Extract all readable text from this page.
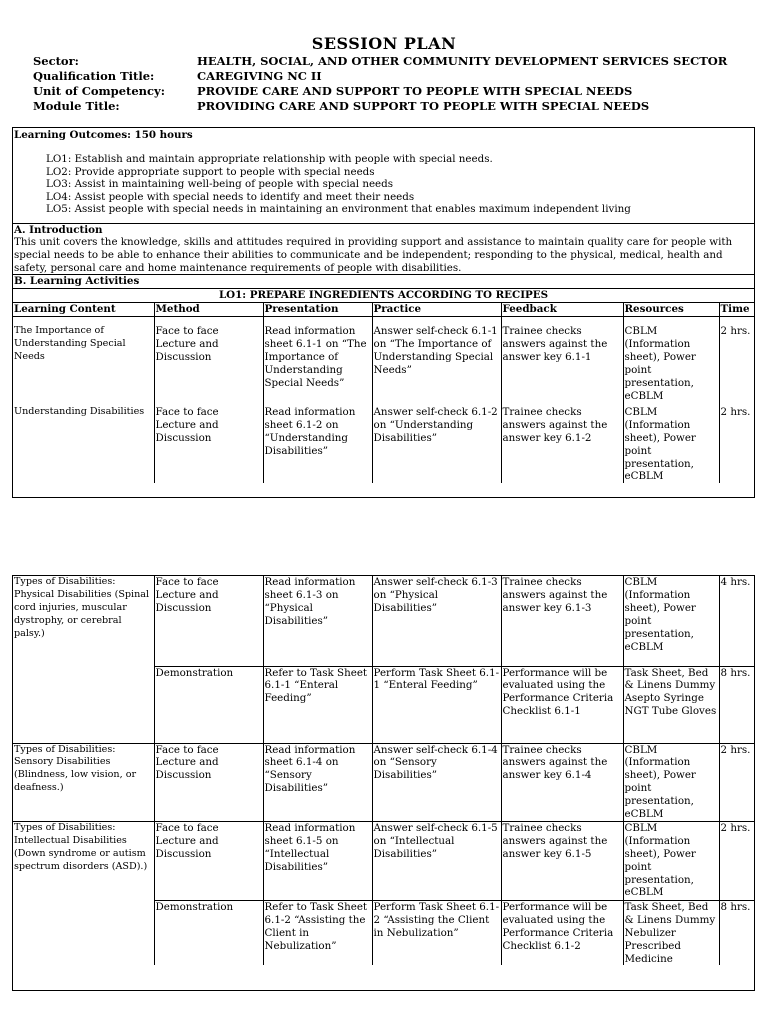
SESSION PLAN
Sector:	HEALTH, SOCIAL, AND OTHER COMMUNITY DEVELOPMENT SERVICES SECTOR
Qualification Title:	CAREGIVING NC II
Unit of Competency:	PROVIDE CARE AND SUPPORT TO PEOPLE WITH SPECIAL NEEDS
Module Title:	PROVIDING CARE AND SUPPORT TO PEOPLE WITH SPECIAL NEEDS
Learning Outcomes: 150 hours
LO1: Establish and maintain appropriate relationship with people with special needs.
LO2: Provide appropriate support to people with special needs
LO3: Assist in maintaining well-being of people with special needs
LO4: Assist people with special needs to identify and meet their needs
LO5: Assist people with special needs in maintaining an environment that enables maximum independent living
A. Introduction
This unit covers the knowledge, skills and attitudes required in providing support and assistance to maintain quality care for people with special needs to be able to enhance their abilities to communicate and be independent; responding to the physical, medical, health and safety, personal care and home maintenance requirements of people with disabilities.
B. Learning Activities
LO1: PREPARE INGREDIENTS ACCORDING TO RECIPES
Learning Content	Method	Presentation	Practice	Feedback	Resources	Time
The Importance of Understanding Special Needs	Face to face Lecture and Discussion	Read information sheet 6.1-1 on “The Importance of Understanding Special Needs”	Answer self-check 6.1-1 on “The Importance of Understanding Special Needs”	Trainee checks answers against the answer key 6.1-1	CBLM (Information sheet), Power point presentation, eCBLM	2 hrs.
Understanding Disabilities	Face to face Lecture and Discussion	Read information sheet 6.1-2 on “Understanding Disabilities”	Answer self-check 6.1-2 on “Understanding Disabilities”	Trainee checks answers against the answer key 6.1-2	CBLM (Information sheet), Power point presentation, eCBLM	2 hrs.
Types of Disabilities: Physical Disabilities (Spinal cord injuries, muscular dystrophy, or cerebral palsy.)	Face to face Lecture and Discussion	Read information sheet 6.1-3 on “Physical Disabilities”	Answer self-check 6.1-3 on “Physical Disabilities”	Trainee checks answers against the answer key 6.1-3	CBLM (Information sheet), Power point presentation, eCBLM	4 hrs.
	Demonstration	Refer to Task Sheet 6.1-1 “Enteral Feeding”	Perform Task Sheet 6.1-1 “Enteral Feeding”	Performance will be evaluated using the Performance Criteria Checklist 6.1-1	Task Sheet, Bed & Linens Dummy Asepto Syringe NGT Tube Gloves	8 hrs.
Types of Disabilities: Sensory Disabilities (Blindness, low vision, or deafness.)	Face to face Lecture and Discussion	Read information sheet 6.1-4 on “Sensory Disabilities”	Answer self-check 6.1-4 on “Sensory Disabilities”	Trainee checks answers against the answer key 6.1-4	CBLM (Information sheet), Power point presentation, eCBLM	2 hrs.
Types of Disabilities: Intellectual Disabilities (Down syndrome or autism spectrum disorders (ASD).)	Face to face Lecture and Discussion	Read information sheet 6.1-5 on “Intellectual Disabilities”	Answer self-check 6.1-5 on “Intellectual Disabilities”	Trainee checks answers against the answer key 6.1-5	CBLM (Information sheet), Power point presentation, eCBLM	2 hrs.
	Demonstration	Refer to Task Sheet 6.1-2 “Assisting the Client in Nebulization”	Perform Task Sheet 6.1-2 “Assisting the Client in Nebulization”	Performance will be evaluated using the Performance Criteria Checklist 6.1-2	Task Sheet, Bed & Linens Dummy Nebulizer Prescribed Medicine	8 hrs.
